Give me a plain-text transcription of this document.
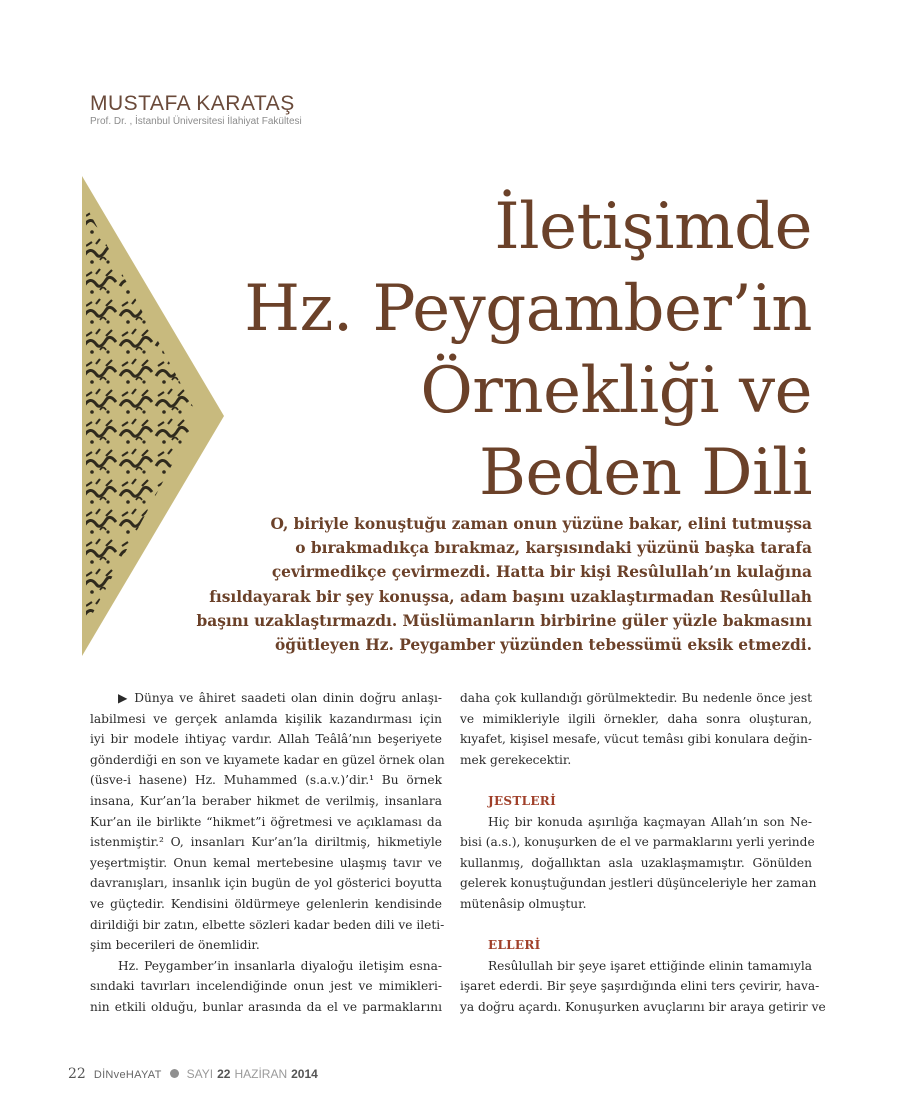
MUSTAFA KARATAŞ
Prof. Dr. , İstanbul Üniversitesi İlahiyat Fakültesi
İletişimde
Hz. Peygamber’in
Örnekliği ve
Beden Dili
O, biriyle konuştuğu zaman onun yüzüne bakar, elini tutmuşsa
o bırakmadıkça bırakmaz, karşısındaki yüzünü başka tarafa
çevirmedikçe çevirmezdi. Hatta bir kişi Resûlullah’ın kulağına
fısıldayarak bir şey konuşsa, adam başını uzaklaştırmadan Resûlullah
başını uzaklaştırmazdı. Müslümanların birbirine güler yüzle bakmasını
öğütleyen Hz. Peygamber yüzünden tebessümü eksik etmezdi.
▶ Dünya ve âhiret saadeti olan dinin doğru anlaşı-
labilmesi ve gerçek anlamda kişilik kazandırması için
iyi bir modele ihtiyaç vardır. Allah Teâlâ’nın beşeriyete
gönderdiği en son ve kıyamete kadar en güzel örnek olan
(üsve-i hasene) Hz. Muhammed (s.a.v.)’dir.¹ Bu örnek
insana, Kur’an’la beraber hikmet de verilmiş, insanlara
Kur’an ile birlikte “hikmet”i öğretmesi ve açıklaması da
istenmiştir.² O, insanları Kur’an’la diriltmiş, hikmetiyle
yeşertmiştir. Onun kemal mertebesine ulaşmış tavır ve
davranışları, insanlık için bugün de yol gösterici boyutta
ve güçtedir. Kendisini öldürmeye gelenlerin kendisinde
dirildiği bir zatın, elbette sözleri kadar beden dili ve ileti-
şim becerileri de önemlidir.
Hz. Peygamber’in insanlarla diyaloğu iletişim esna-
sındaki tavırları incelendiğinde onun jest ve mimikleri-
nin etkili olduğu, bunlar arasında da el ve parmaklarını
daha çok kullandığı görülmektedir. Bu nedenle önce jest
ve mimikleriyle ilgili örnekler, daha sonra oluşturan,
kıyafet, kişisel mesafe, vücut temâsı gibi konulara değin-
mek gerekecektir.
JESTLERİ
Hiç bir konuda aşırılığa kaçmayan Allah’ın son Ne-
bisi (a.s.), konuşurken de el ve parmaklarını yerli yerinde
kullanmış, doğallıktan asla uzaklaşmamıştır. Gönülden
gelerek konuştuğundan jestleri düşünceleriyle her zaman
mütenâsip olmuştur.
ELLERİ
Resûlullah bir şeye işaret ettiğinde elinin tamamıyla
işaret ederdi. Bir şeye şaşırdığında elini ters çevirir, hava-
ya doğru açardı. Konuşurken avuçlarını bir araya getirir ve
22 DİNveHAYAT SAYI 22 HAZİRAN 2014
